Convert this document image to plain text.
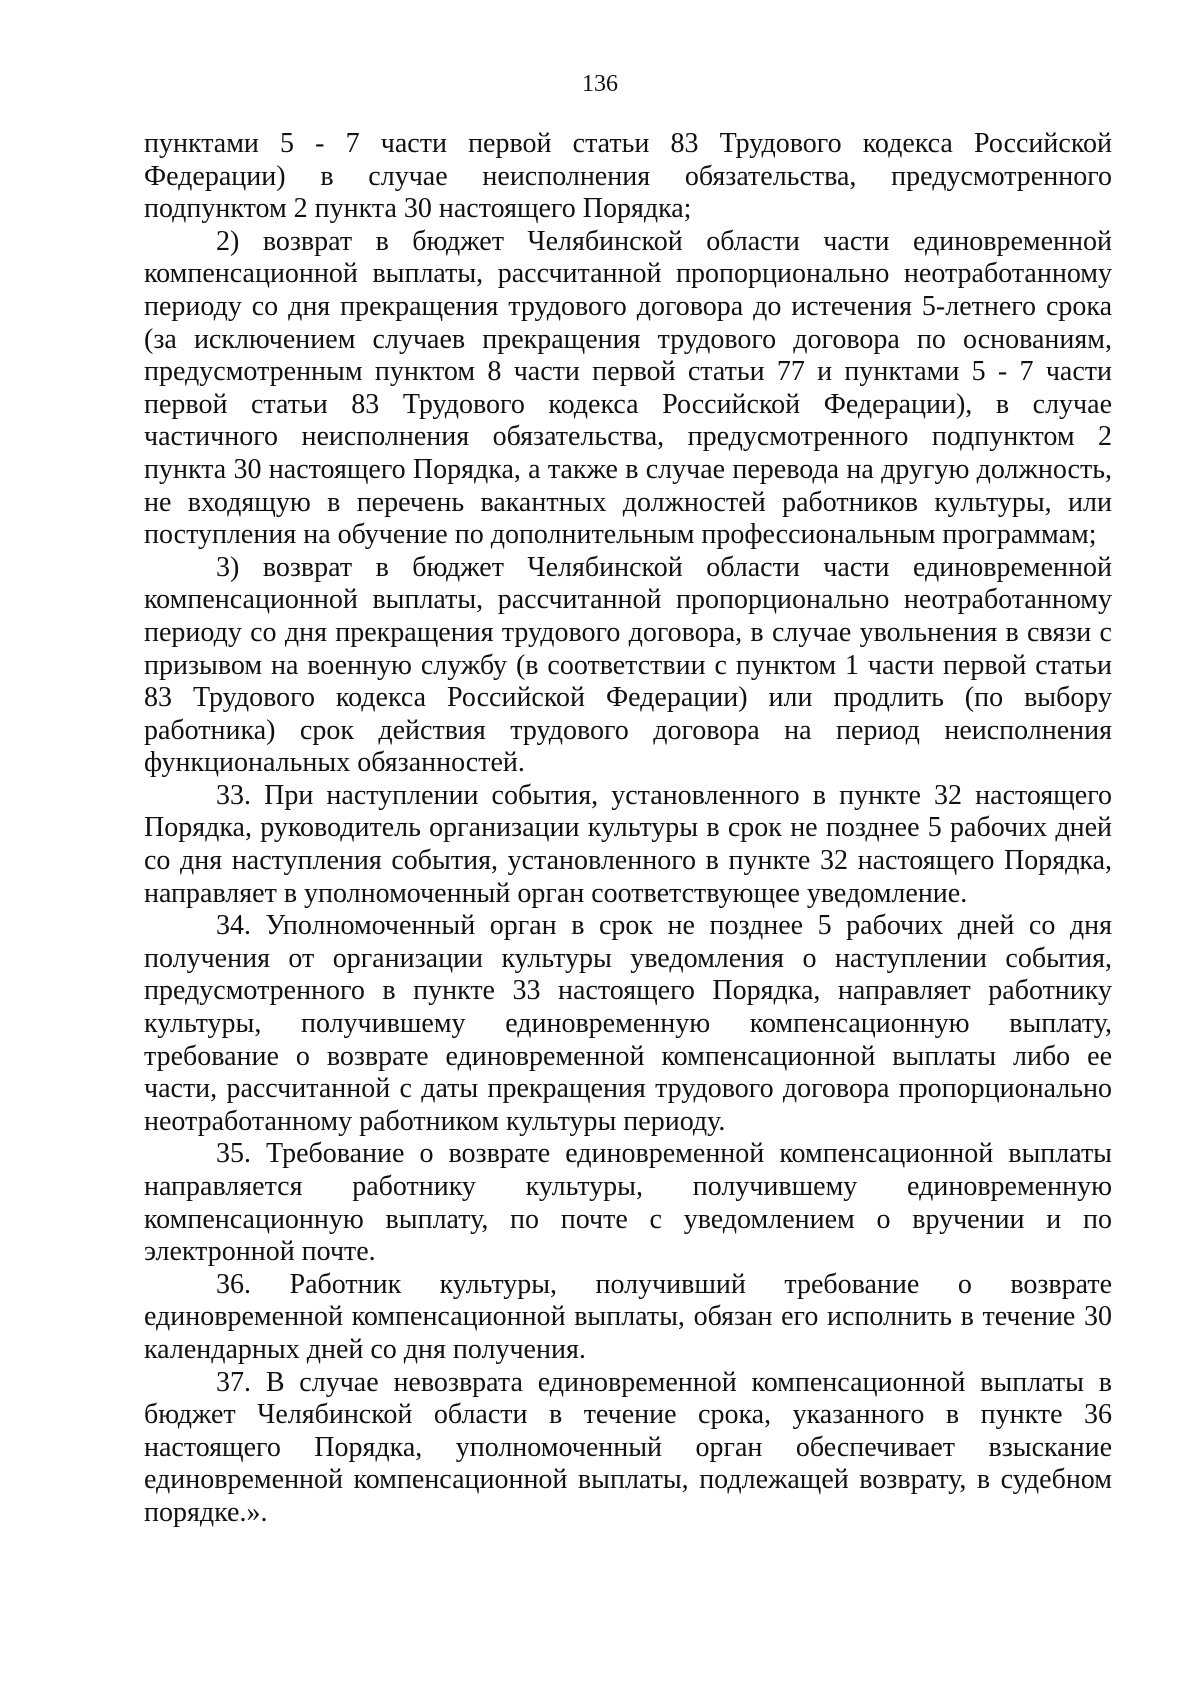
136

пунктами 5 - 7 части первой статьи 83 Трудового кодекса Российской Федерации) в случае неисполнения обязательства, предусмотренного подпунктом 2 пункта 30 настоящего Порядка;

2) возврат в бюджет Челябинской области части единовременной компенсационной выплаты, рассчитанной пропорционально неотработанному периоду со дня прекращения трудового договора до истечения 5-летнего срока (за исключением случаев прекращения трудового договора по основаниям, предусмотренным пунктом 8 части первой статьи 77 и пунктами 5 - 7 части первой статьи 83 Трудового кодекса Российской Федерации), в случае частичного неисполнения обязательства, предусмотренного подпунктом 2 пункта 30 настоящего Порядка, а также в случае перевода на другую должность, не входящую в перечень вакантных должностей работников культуры, или поступления на обучение по дополнительным профессиональным программам;

3) возврат в бюджет Челябинской области части единовременной компенсационной выплаты, рассчитанной пропорционально неотработанному периоду со дня прекращения трудового договора, в случае увольнения в связи с призывом на военную службу (в соответствии с пунктом 1 части первой статьи 83 Трудового кодекса Российской Федерации) или продлить (по выбору работника) срок действия трудового договора на период неисполнения функциональных обязанностей.

33. При наступлении события, установленного в пункте 32 настоящего Порядка, руководитель организации культуры в срок не позднее 5 рабочих дней со дня наступления события, установленного в пункте 32 настоящего Порядка, направляет в уполномоченный орган соответствующее уведомление.

34. Уполномоченный орган в срок не позднее 5 рабочих дней со дня получения от организации культуры уведомления о наступлении события, предусмотренного в пункте 33 настоящего Порядка, направляет работнику культуры, получившему единовременную компенсационную выплату, требование о возврате единовременной компенсационной выплаты либо ее части, рассчитанной с даты прекращения трудового договора пропорционально неотработанному работником культуры периоду.

35. Требование о возврате единовременной компенсационной выплаты направляется работнику культуры, получившему единовременную компенсационную выплату, по почте с уведомлением о вручении и по электронной почте.

36. Работник культуры, получивший требование о возврате единовременной компенсационной выплаты, обязан его исполнить в течение 30 календарных дней со дня получения.

37. В случае невозврата единовременной компенсационной выплаты в бюджет Челябинской области в течение срока, указанного в пункте 36 настоящего Порядка, уполномоченный орган обеспечивает взыскание единовременной компенсационной выплаты, подлежащей возврату, в судебном порядке.».
